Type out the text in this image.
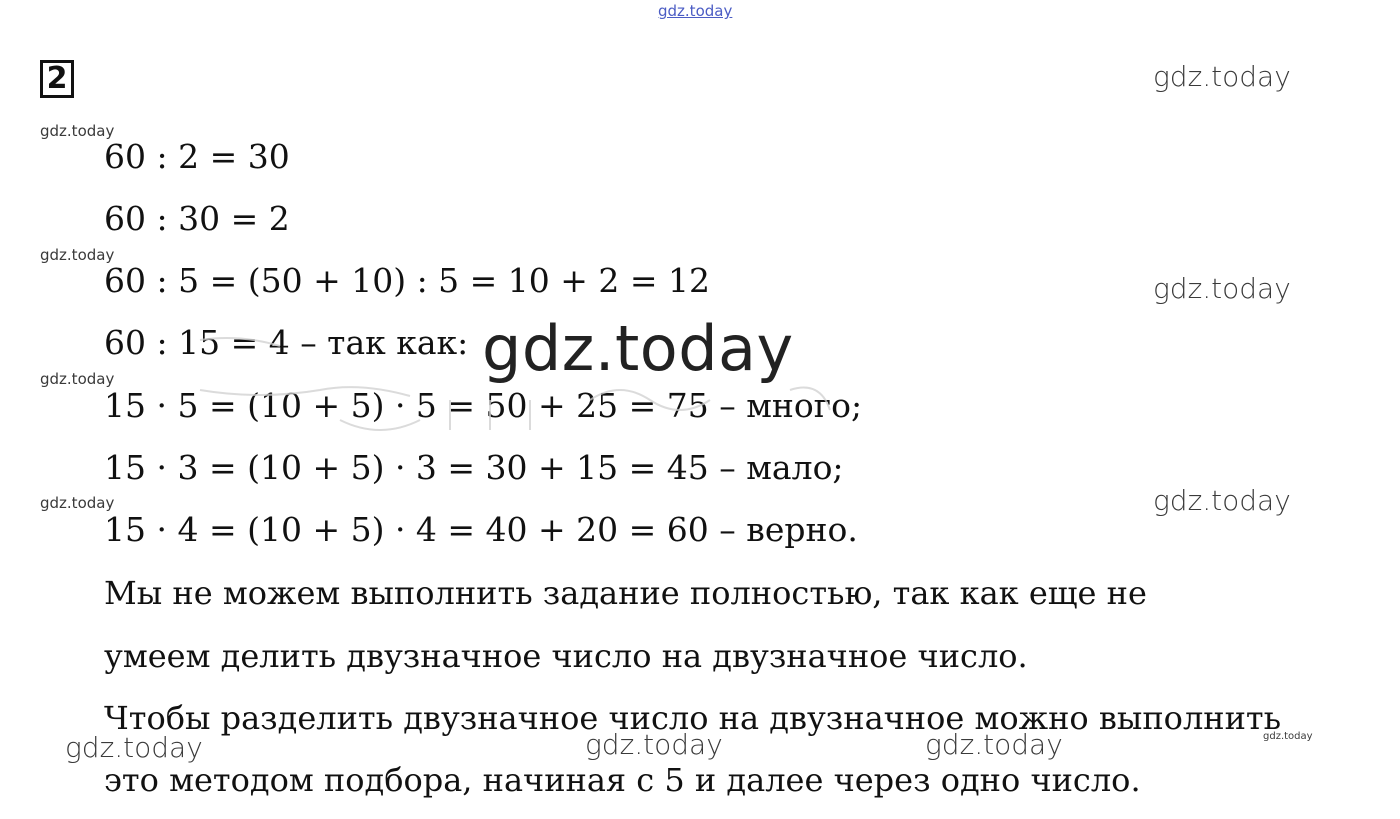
gdz.today
2
60 : 2 = 30
60 : 30 = 2
60 : 5 = (50 + 10) : 5 = 10 + 2 = 12
60 : 15 = 4 – так как:
15 · 5 = (10 + 5) · 5 = 50 + 25 = 75 – много;
15 · 3 = (10 + 5) · 3 = 30 + 15 = 45 – мало;
15 · 4 = (10 + 5) · 4 = 40 + 20 = 60 – верно.
Мы не можем выполнить задание полностью, так как еще не
умеем делить двузначное число на двузначное число.
Чтобы разделить двузначное число на двузначное можно выполнить
это методом подбора, начиная с 5 и далее через одно число.
gdz.today
gdz.today
gdz.today
gdz.today
gdz.today
gdz.today
gdz.today
gdz.today
gdz.today	gdz.today	gdz.today	gdz.today
